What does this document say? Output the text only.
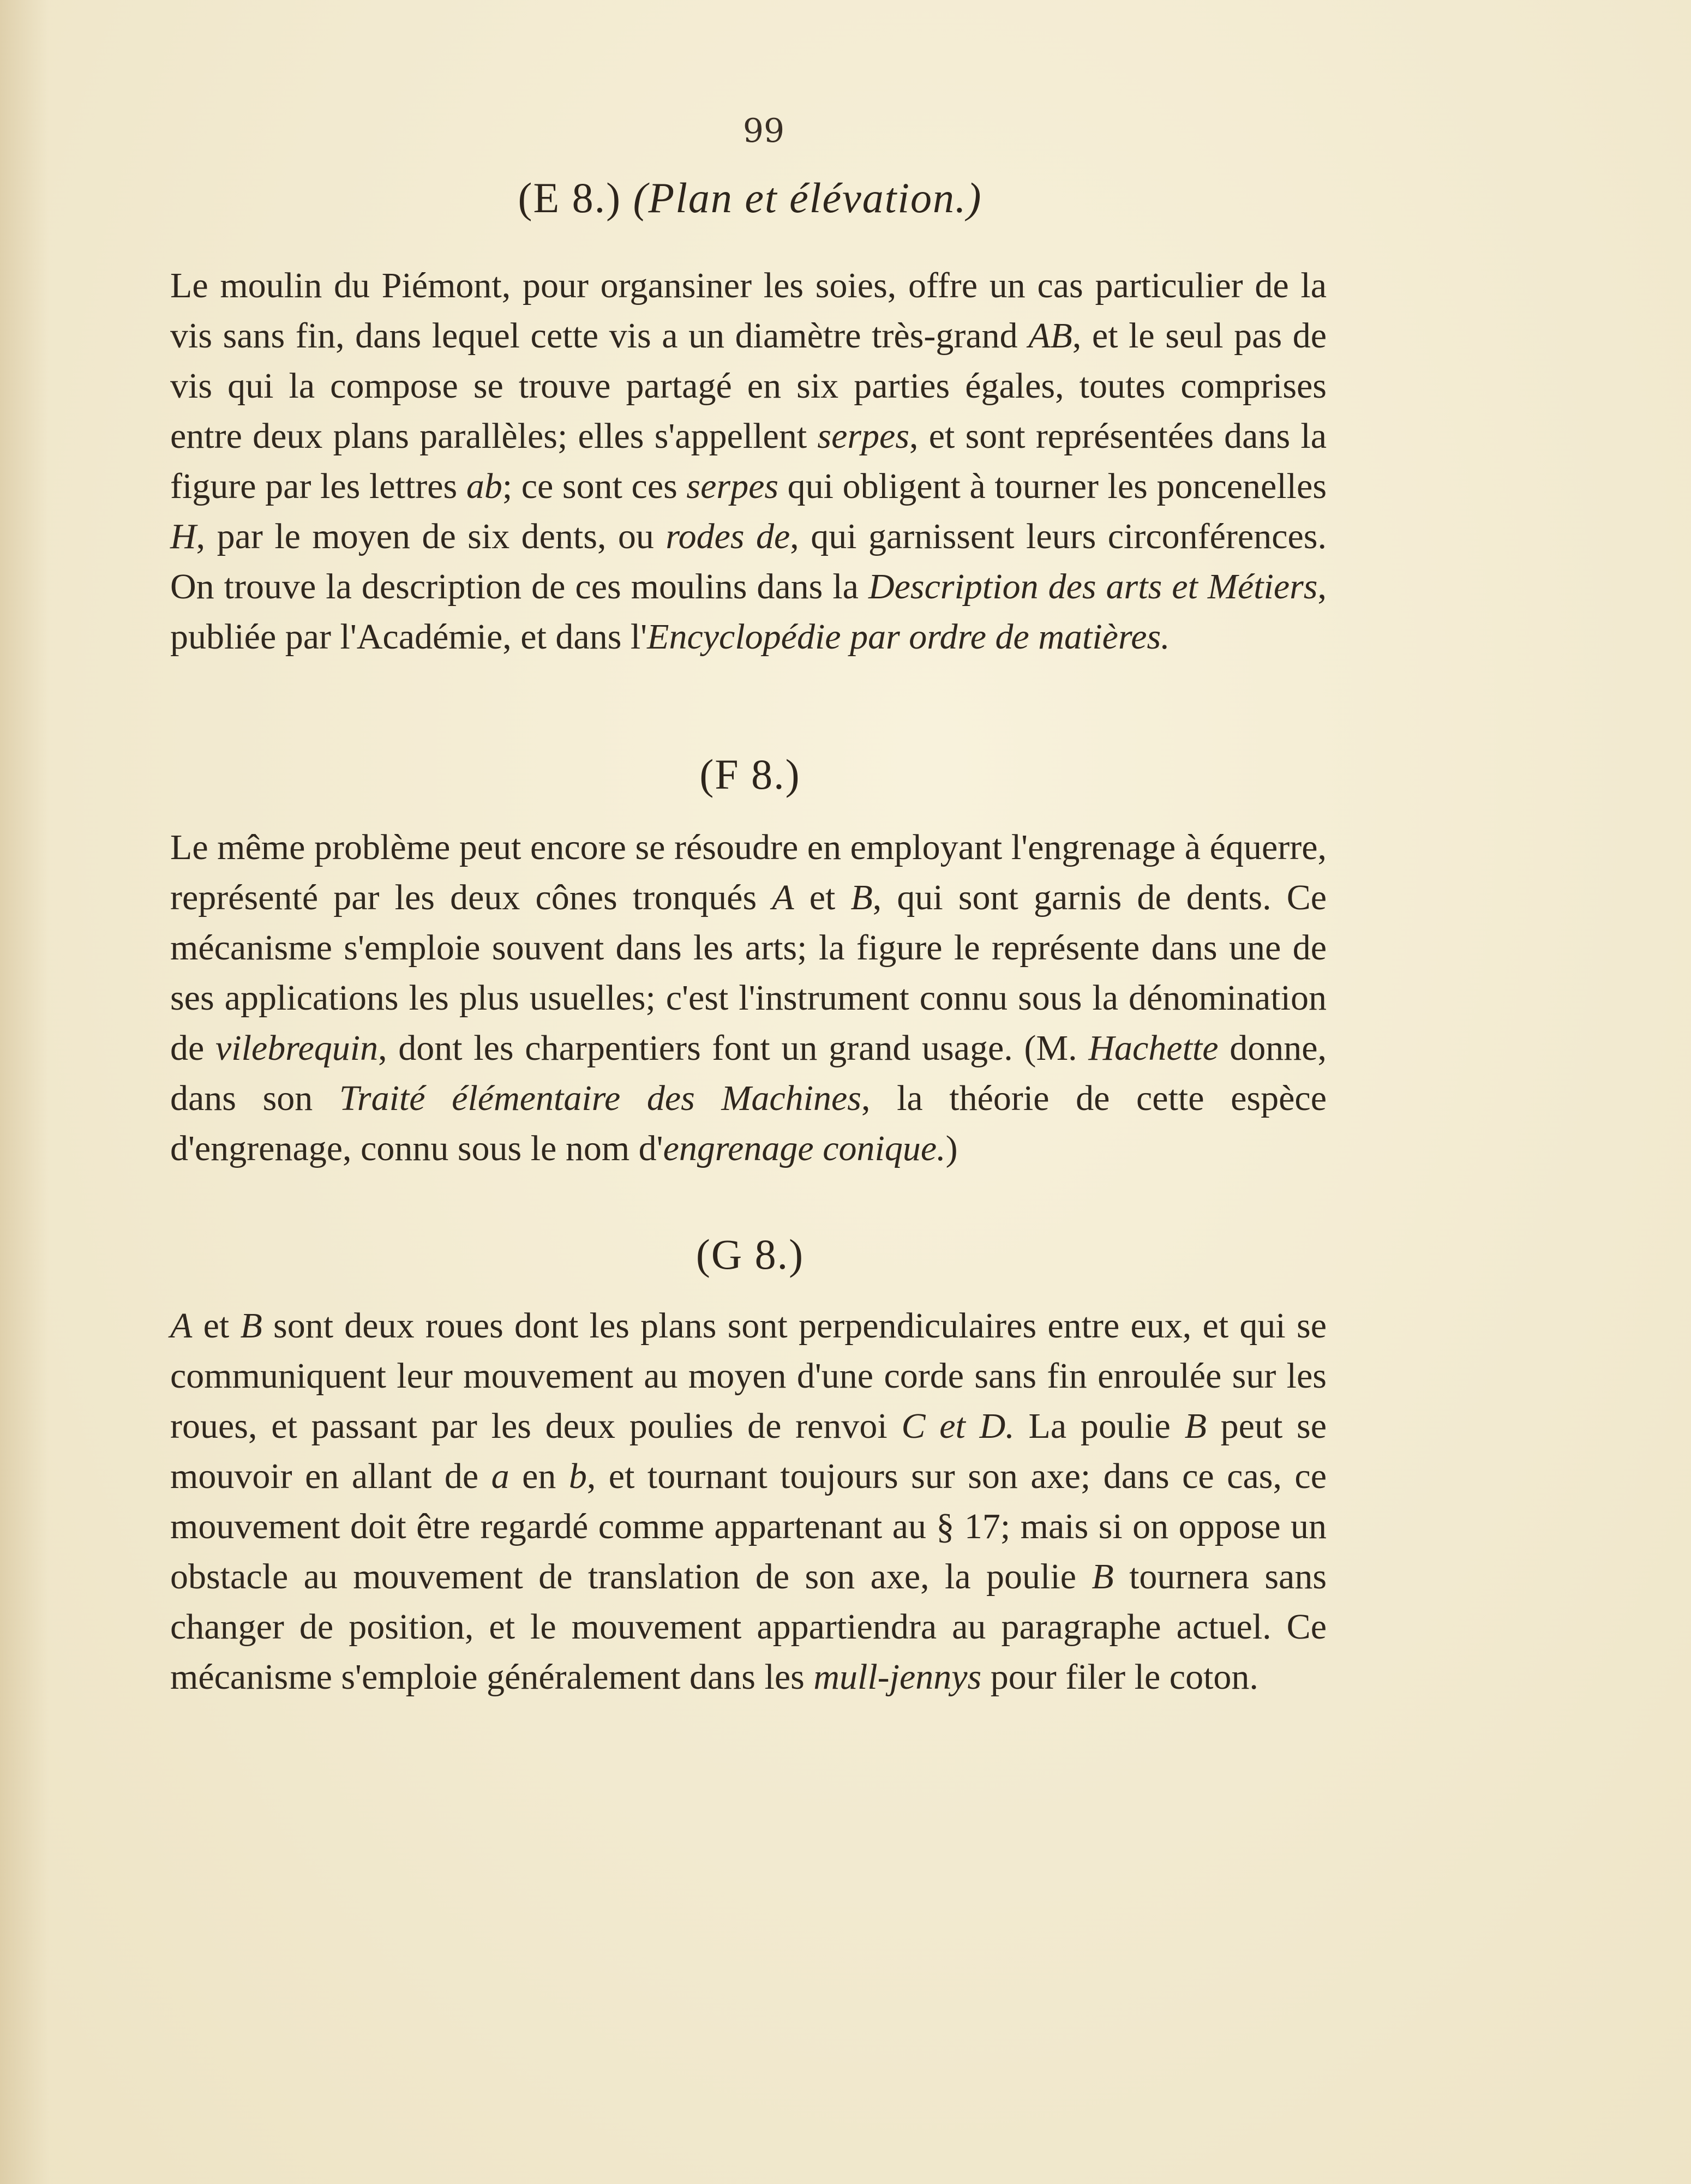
99
(E 8.) (Plan et élévation.)

Le moulin du Piémont, pour organsiner les soies, offre un cas particulier de la vis sans fin, dans lequel cette vis a un diamètre très-grand AB, et le seul pas de vis qui la compose se trouve partagé en six parties égales, toutes comprises entre deux plans parallèles; elles s'appellent serpes, et sont représentées dans la figure par les lettres ab; ce sont ces serpes qui obligent à tourner les poncenelles H, par le moyen de six dents, ou rodes de, qui garnissent leurs circonférences. On trouve la description de ces moulins dans la Description des arts et Métiers, publiée par l'Académie, et dans l'Encyclopédie par ordre de matières.

(F 8.)

Le même problème peut encore se résoudre en employant l'engrenage à équerre, représenté par les deux cônes tronqués A et B, qui sont garnis de dents. Ce mécanisme s'emploie souvent dans les arts; la figure le représente dans une de ses applications les plus usuelles; c'est l'instrument connu sous la dénomination de vilebrequin, dont les charpentiers font un grand usage. (M. Hachette donne, dans son Traité élémentaire des Machines, la théorie de cette espèce d'engrenage, connu sous le nom d'engrenage conique.)

(G 8.)

A et B sont deux roues dont les plans sont perpendiculaires entre eux, et qui se communiquent leur mouvement au moyen d'une corde sans fin enroulée sur les roues, et passant par les deux poulies de renvoi C et D. La poulie B peut se mouvoir en allant de a en b, et tournant toujours sur son axe; dans ce cas, ce mouvement doit être regardé comme appartenant au § 17; mais si on oppose un obstacle au mouvement de translation de son axe, la poulie B tournera sans changer de position, et le mouvement appartiendra au paragraphe actuel. Ce mécanisme s'emploie généralement dans les mull-jennys pour filer le coton.
